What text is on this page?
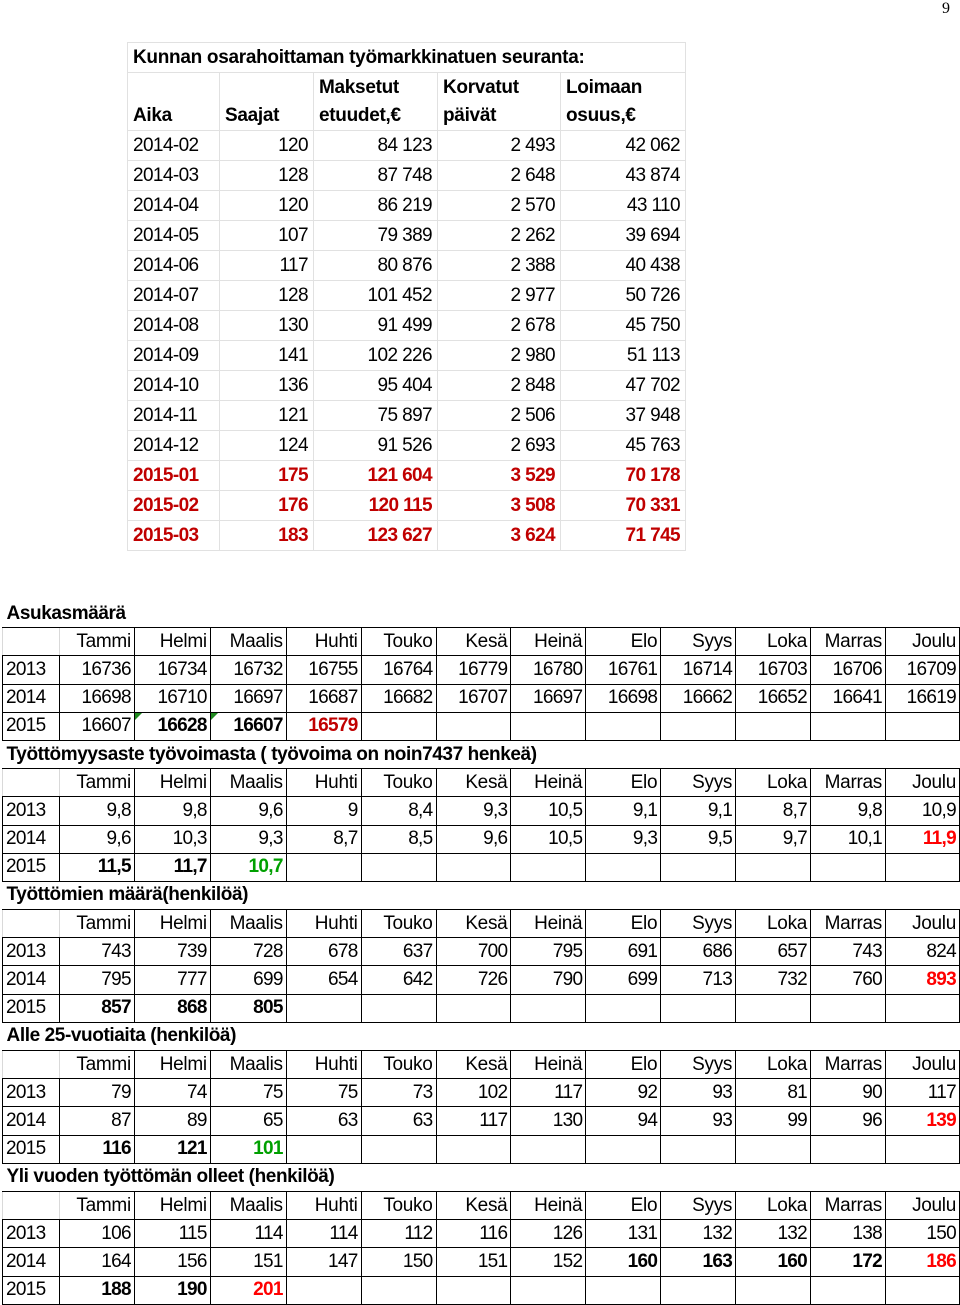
9
Kunnan osarahoittaman työmarkkinatuen seuranta:				
		Maksetut	Korvatut	Loimaan
Aika	Saajat	etuudet,€	päivät	osuus,€
2014-02	120	84 123	2 493	42 062
2014-03	128	87 748	2 648	43 874
2014-04	120	86 219	2 570	43 110
2014-05	107	79 389	2 262	39 694
2014-06	117	80 876	2 388	40 438
2014-07	128	101 452	2 977	50 726
2014-08	130	91 499	2 678	45 750
2014-09	141	102 226	2 980	51 113
2014-10	136	95 404	2 848	47 702
2014-11	121	75 897	2 506	37 948
2014-12	124	91 526	2 693	45 763
2015-01	175	121 604	3 529	70 178
2015-02	176	120 115	3 508	70 331
2015-03	183	123 627	3 624	71 745
Asukasmäärä												
	Tammi	Helmi	Maalis	Huhti	Touko	Kesä	Heinä	Elo	Syys	Loka	Marras	Joulu
2013	16736	16734	16732	16755	16764	16779	16780	16761	16714	16703	16706	16709
2014	16698	16710	16697	16687	16682	16707	16697	16698	16662	16652	16641	16619
2015	16607	16628	16607	16579								
Työttömyysaste työvoimasta ( työvoima on noin7437 henkeä)												
	Tammi	Helmi	Maalis	Huhti	Touko	Kesä	Heinä	Elo	Syys	Loka	Marras	Joulu
2013	9,8	9,8	9,6	9	8,4	9,3	10,5	9,1	9,1	8,7	9,8	10,9
2014	9,6	10,3	9,3	8,7	8,5	9,6	10,5	9,3	9,5	9,7	10,1	11,9
2015	11,5	11,7	10,7									
Työttömien määrä(henkilöä)												
	Tammi	Helmi	Maalis	Huhti	Touko	Kesä	Heinä	Elo	Syys	Loka	Marras	Joulu
2013	743	739	728	678	637	700	795	691	686	657	743	824
2014	795	777	699	654	642	726	790	699	713	732	760	893
2015	857	868	805									
Alle 25-vuotiaita (henkilöä)												
	Tammi	Helmi	Maalis	Huhti	Touko	Kesä	Heinä	Elo	Syys	Loka	Marras	Joulu
2013	79	74	75	75	73	102	117	92	93	81	90	117
2014	87	89	65	63	63	117	130	94	93	99	96	139
2015	116	121	101									
Yli vuoden työttömän olleet (henkilöä)												
	Tammi	Helmi	Maalis	Huhti	Touko	Kesä	Heinä	Elo	Syys	Loka	Marras	Joulu
2013	106	115	114	114	112	116	126	131	132	132	138	150
2014	164	156	151	147	150	151	152	160	163	160	172	186
2015	188	190	201									
